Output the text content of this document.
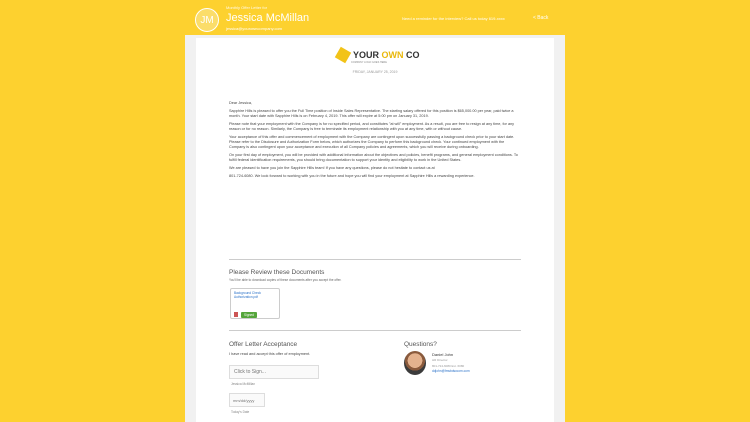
JM
Monthly Offer Letter for
Jessica McMillan
jessica@yourowncompany.com
Need a reminder for the interview? Call us today 619-xxxx	< Back
YOUR OWN CO
COMPANY LOGO GOES HERE
FRIDAY, JANUARY 25, 2019

Dear Jessica,

Sapphire Hills is pleased to offer you the Full Time position of Inside Sales Representative. The starting salary offered for this position is $65,000.00 per year, paid twice a month. Your start date with Sapphire Hills is on February 4, 2019. This offer will expire at 5:00 pm on January 31, 2019.

Please note that your employment with the Company is for no specified period, and constitutes "at will" employment. As a result, you are free to resign at any time, for any reason or for no reason. Similarly, the Company is free to terminate its employment relationship with you at any time, with or without cause.

Your acceptance of this offer and commencement of employment with the Company are contingent upon successfully passing a background check prior to your start date. Please refer to the Disclosure and Authorization Form below, which authorizes the Company to perform this background check. Your continued employment with the Company is also contingent upon your acceptance and execution of all Company policies and agreements, which you will receive during onboarding.

On your first day of employment, you will be provided with additional information about the objectives and policies, benefit programs, and general employment conditions. To fulfill federal identification requirements, you should bring documentation to support your identity and eligibility to work in the United States.

We are pleased to have you join the Sapphire Hills team! If you have any questions, please do not hesitate to contact us at

801-724-6080. We look forward to working with you in the future and hope you will find your employment at Sapphire Hills a rewarding experience.

Please Review these Documents
You'll be able to download copies of these documents after you accept the offer.
Background Check Authorization.pdf
Signed
Offer Letter Acceptance
I have read and accept this offer of employment.
Click to Sign...
Jessica McMillan
mm/dd/yyyy
Today's Date
Questions?
Daniel John
HR Director
801-724-6080 Ext. 6080
ddjohn@fmsbdsccom.com
